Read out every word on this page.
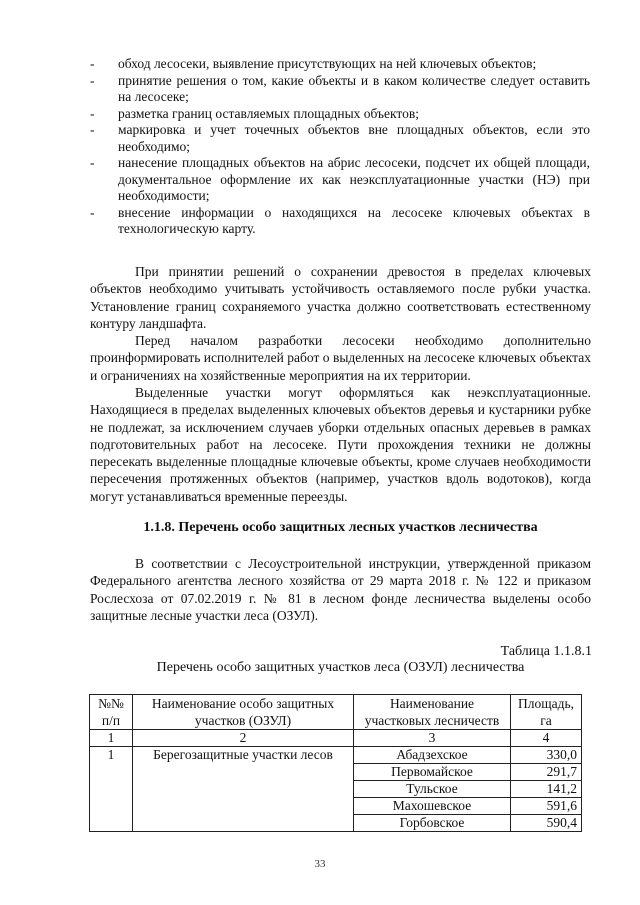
- обход лесосеки, выявление присутствующих на ней ключевых объектов;
- принятие решения о том, какие объекты и в каком количестве следует оставить на лесосеке;
- разметка границ оставляемых площадных объектов;
- маркировка и учет точечных объектов вне площадных объектов, если это необходимо;
- нанесение площадных объектов на абрис лесосеки, подсчет их общей площади, документальное оформление их как неэксплуатационные участки (НЭ) при необходимости;
- внесение информации о находящихся на лесосеке ключевых объектах в технологическую карту.

При принятии решений о сохранении древостоя в пределах ключевых объектов необходимо учитывать устойчивость оставляемого после рубки участка. Установление границ сохраняемого участка должно соответствовать естественному контуру ландшафта.

Перед началом разработки лесосеки необходимо дополнительно проинформировать исполнителей работ о выделенных на лесосеке ключевых объектах и ограничениях на хозяйственные мероприятия на их территории.

Выделенные участки могут оформляться как неэксплуатационные. Находящиеся в пределах выделенных ключевых объектов деревья и кустарники рубке не подлежат, за исключением случаев уборки отдельных опасных деревьев в рамках подготовительных работ на лесосеке. Пути прохождения техники не должны пересекать выделенные площадные ключевые объекты, кроме случаев необходимости пересечения протяженных объектов (например, участков вдоль водотоков), когда могут устанавливаться временные переезды.

1.1.8. Перечень особо защитных лесных участков лесничества

В соответствии с Лесоустроительной инструкции, утвержденной приказом Федерального агентства лесного хозяйства от 29 марта 2018 г. № 122 и приказом Рослесхоза от 07.02.2019 г. № 81 в лесном фонде лесничества выделены особо защитные лесные участки леса (ОЗУЛ).

Таблица 1.1.8.1

Перечень особо защитных участков леса (ОЗУЛ) лесничества

№№ п/п	Наименование особо защитных участков (ОЗУЛ)	Наименование участковых лесничеств	Площадь, га
1	2	3	4
1	Берегозащитные участки лесов	Абадзехское	330,0
		Первомайское	291,7
		Тульское	141,2
		Махошевское	591,6
		Горбовское	590,4
33
